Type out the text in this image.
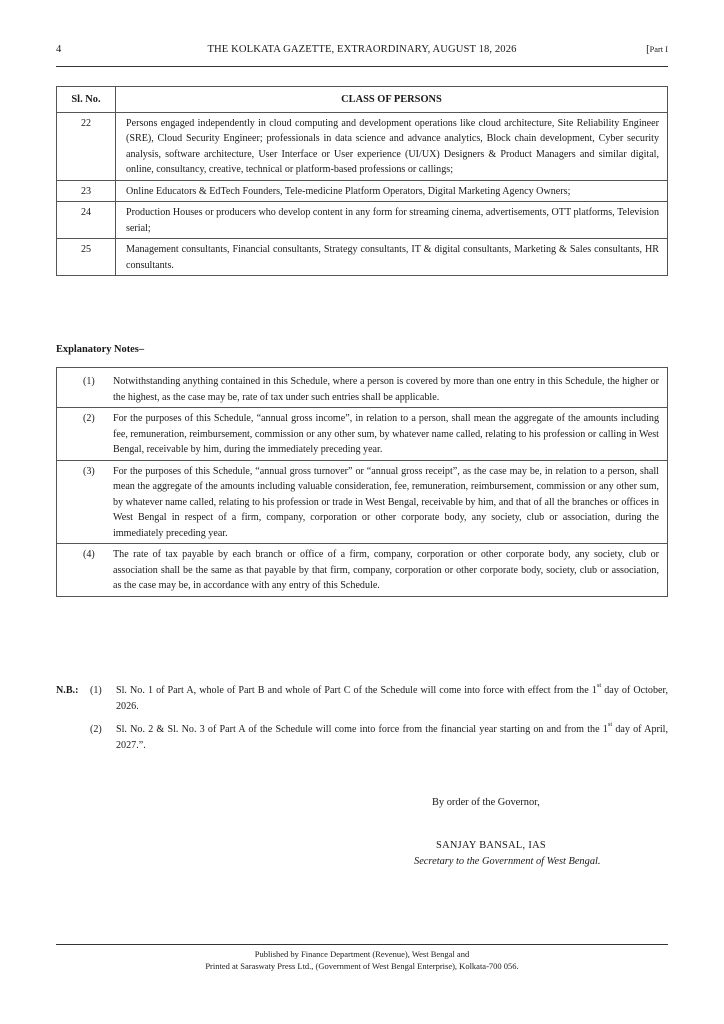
4	THE KOLKATA GAZETTE, EXTRAORDINARY, AUGUST 18, 2026	[Part I
Sl. No.	CLASS OF PERSONS
22	Persons engaged independently in cloud computing and development operations like cloud architecture, Site Reliability Engineer (SRE), Cloud Security Engineer; professionals in data science and advance analytics, Block chain development, Cyber security analysis, software architecture, User Interface or User experience (UI/UX) Designers & Product Managers and similar digital, online, consultancy, creative, technical or platform-based professions or callings;
23	Online Educators & EdTech Founders, Tele-medicine Platform Operators, Digital Marketing Agency Owners;
24	Production Houses or producers who develop content in any form for streaming cinema, advertisements, OTT platforms, Television serial;
25	Management consultants, Financial consultants, Strategy consultants, IT & digital consultants, Marketing & Sales consultants, HR consultants.
Explanatory Notes–
(1)	Notwithstanding anything contained in this Schedule, where a person is covered by more than one entry in this Schedule, the higher or the highest, as the case may be, rate of tax under such entries shall be applicable.
(2)	For the purposes of this Schedule, “annual gross income”, in relation to a person, shall mean the aggregate of the amounts including fee, remuneration, reimbursement, commission or any other sum, by whatever name called, relating to his profession or calling in West Bengal, receivable by him, during the immediately preceding year.
(3)	For the purposes of this Schedule, “annual gross turnover” or “annual gross receipt”, as the case may be, in relation to a person, shall mean the aggregate of the amounts including valuable consideration, fee, remuneration, reimbursement, commission or any other sum, by whatever name called, relating to his profession or trade in West Bengal, receivable by him, and that of all the branches or offices in West Bengal in respect of a firm, company, corporation or other corporate body, any society, club or association, during the immediately preceding year.
(4)	The rate of tax payable by each branch or office of a firm, company, corporation or other corporate body, any society, club or association shall be the same as that payable by that firm, company, corporation or other corporate body, society, club or association, as the case may be, in accordance with any entry of this Schedule.
N.B.:	(1)	Sl. No. 1 of Part A, whole of Part B and whole of Part C of the Schedule will come into force with effect from the 1st day of October, 2026.
(2)	Sl. No. 2 & Sl. No. 3 of Part A of the Schedule will come into force from the financial year starting on and from the 1st day of April, 2027.”.
By order of the Governor,
SANJAY BANSAL, IAS
Secretary to the Government of West Bengal.
Published by Finance Department (Revenue), West Bengal and
Printed at Saraswaty Press Ltd., (Government of West Bengal Enterprise), Kolkata-700 056.
